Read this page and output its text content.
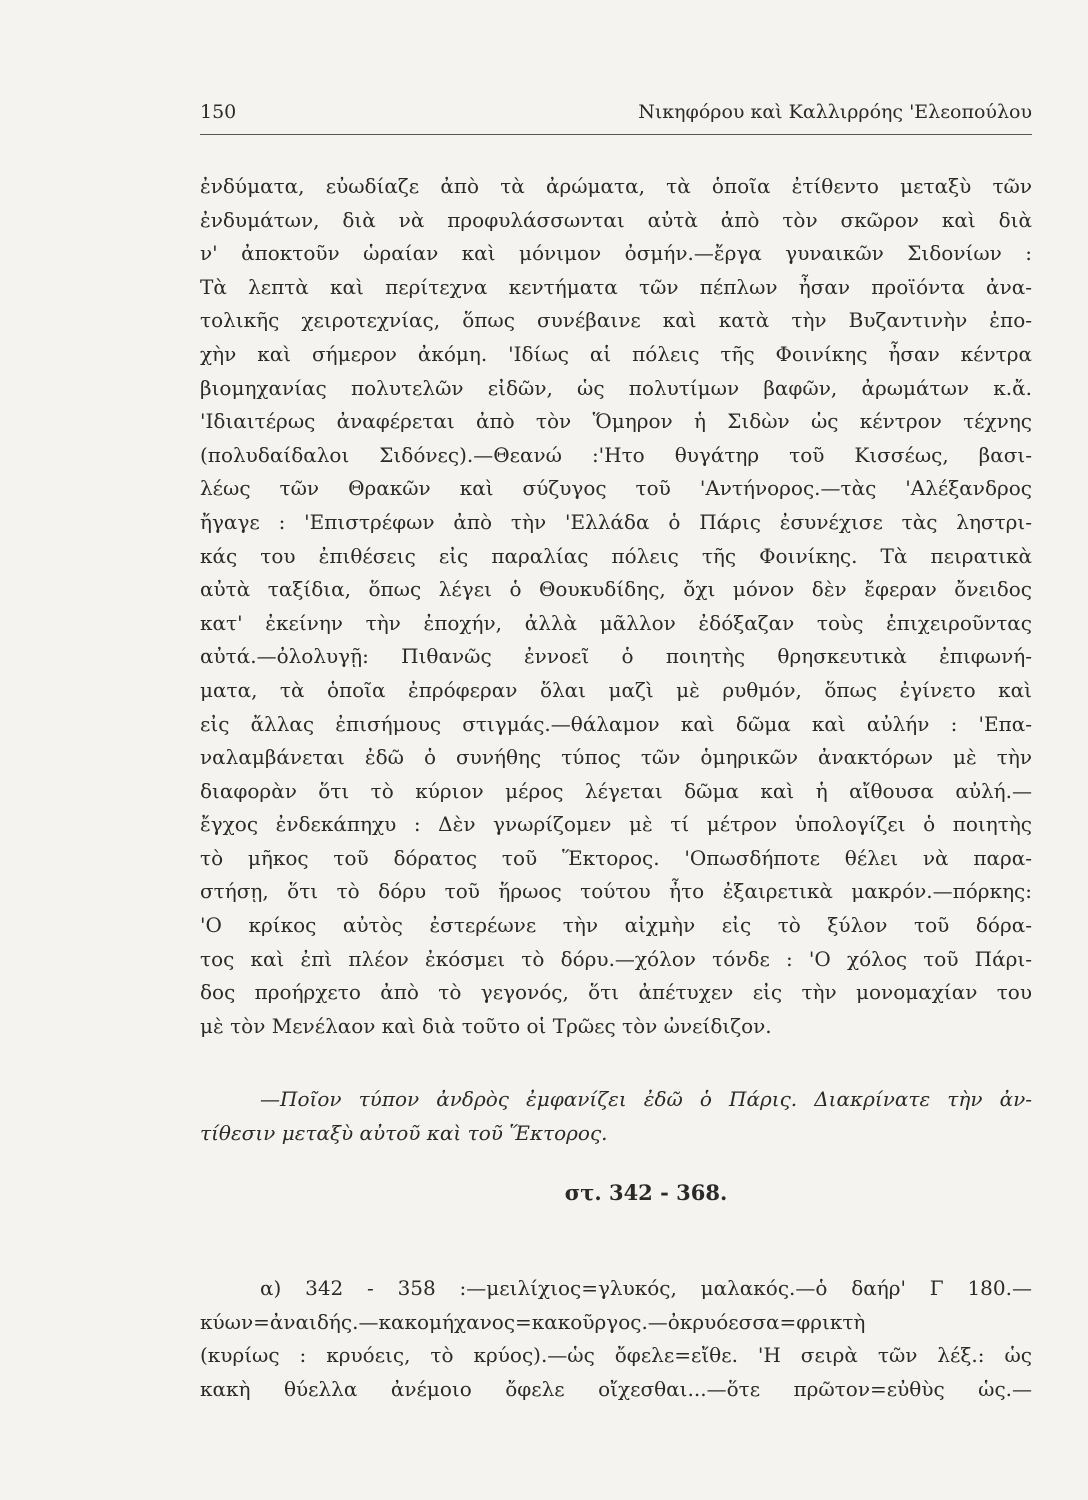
150	Νικηφόρου καὶ Καλλιρρόης 'Ελεοπούλου
ἐνδύματα, εὐωδίαζε ἀπὸ τὰ ἀρώματα, τὰ ὁποῖα ἐτίθεντο μεταξὺ τῶν
ἐνδυμάτων, διὰ νὰ προφυλάσσωνται αὐτὰ ἀπὸ τὸν σκῶρον καὶ διὰ
ν' ἀποκτοῦν ὡραίαν καὶ μόνιμον ὀσμήν.—ἔργα γυναικῶν Σιδονίων :
Τὰ λεπτὰ καὶ περίτεχνα κεντήματα τῶν πέπλων ἦσαν προϊόντα ἀνα-
τολικῆς χειροτεχνίας, ὅπως συνέβαινε καὶ κατὰ τὴν Βυζαντινὴν ἐπο-
χὴν καὶ σήμερον ἀκόμη. 'Ιδίως αἱ πόλεις τῆς Φοινίκης ἦσαν κέντρα
βιομηχανίας πολυτελῶν εἰδῶν, ὡς πολυτίμων βαφῶν, ἀρωμάτων κ.ἄ.
'Ιδιαιτέρως ἀναφέρεται ἀπὸ τὸν Ὅμηρον ἡ Σιδὼν ὡς κέντρον τέχνης
(πολυδαίδαλοι Σιδόνες).—Θεανώ :'Ητο θυγάτηρ τοῦ Κισσέως, βασι-
λέως τῶν Θρακῶν καὶ σύζυγος τοῦ 'Αντήνορος.—τὰς 'Αλέξανδρος
ἤγαγε : 'Επιστρέφων ἀπὸ τὴν 'Ελλάδα ὁ Πάρις ἐσυνέχισε τὰς ληστρι-
κάς του ἐπιθέσεις εἰς παραλίας πόλεις τῆς Φοινίκης. Τὰ πειρατικὰ
αὐτὰ ταξίδια, ὅπως λέγει ὁ Θουκυδίδης, ὄχι μόνον δὲν ἔφεραν ὄνειδος
κατ' ἐκείνην τὴν ἐποχήν, ἀλλὰ μᾶλλον ἐδόξαζαν τοὺς ἐπιχειροῦντας
αὐτά.—ὀλολυγῇ: Πιθανῶς ἐννοεῖ ὁ ποιητὴς θρησκευτικὰ ἐπιφωνή-
ματα, τὰ ὁποῖα ἐπρόφεραν ὅλαι μαζὶ μὲ ρυθμόν, ὅπως ἐγίνετο καὶ
εἰς ἄλλας ἐπισήμους στιγμάς.—θάλαμον καὶ δῶμα καὶ αὐλήν : 'Επα-
ναλαμβάνεται ἐδῶ ὁ συνήθης τύπος τῶν ὁμηρικῶν ἀνακτόρων μὲ τὴν
διαφορὰν ὅτι τὸ κύριον μέρος λέγεται δῶμα καὶ ἡ αἴθουσα αὐλή.—
ἔγχος ἐνδεκάπηχυ : Δὲν γνωρίζομεν μὲ τί μέτρον ὑπολογίζει ὁ ποιητὴς
τὸ μῆκος τοῦ δόρατος τοῦ Ἕκτορος. 'Οπωσδήποτε θέλει νὰ παρα-
στήσῃ, ὅτι τὸ δόρυ τοῦ ἥρωος τούτου ἦτο ἐξαιρετικὰ μακρόν.—πόρκης:
'Ο κρίκος αὐτὸς ἐστερέωνε τὴν αἰχμὴν εἰς τὸ ξύλον τοῦ δόρα-
τος καὶ ἐπὶ πλέον ἐκόσμει τὸ δόρυ.—χόλον τόνδε : 'Ο χόλος τοῦ Πάρι-
δος προήρχετο ἀπὸ τὸ γεγονός, ὅτι ἀπέτυχεν εἰς τὴν μονομαχίαν του
μὲ τὸν Μενέλαον καὶ διὰ τοῦτο οἱ Τρῶες τὸν ὠνείδιζον.
—Ποῖον τύπον ἀνδρὸς ἐμφανίζει ἐδῶ ὁ Πάρις. Διακρίνατε τὴν ἀν-
τίθεσιν μεταξὺ αὐτοῦ καὶ τοῦ Ἕκτορος.
στ. 342 - 368.
α) 342 - 358 :—μειλίχιος=γλυκός, μαλακός.—ὁ δαήρ' Γ 180.—
κύων=ἀναιδής.—κακομήχανος=κακοῦργος.—ὀκρυόεσσα=φρικτὴ
(κυρίως : κρυόεις, τὸ κρύος).—ὡς ὄφελε=εἴθε. 'Η σειρὰ τῶν λέξ.: ὡς
κακὴ θύελλα ἀνέμοιο ὄφελε οἴχεσθαι...—ὅτε πρῶτον=εὐθὺς ὡς.—
